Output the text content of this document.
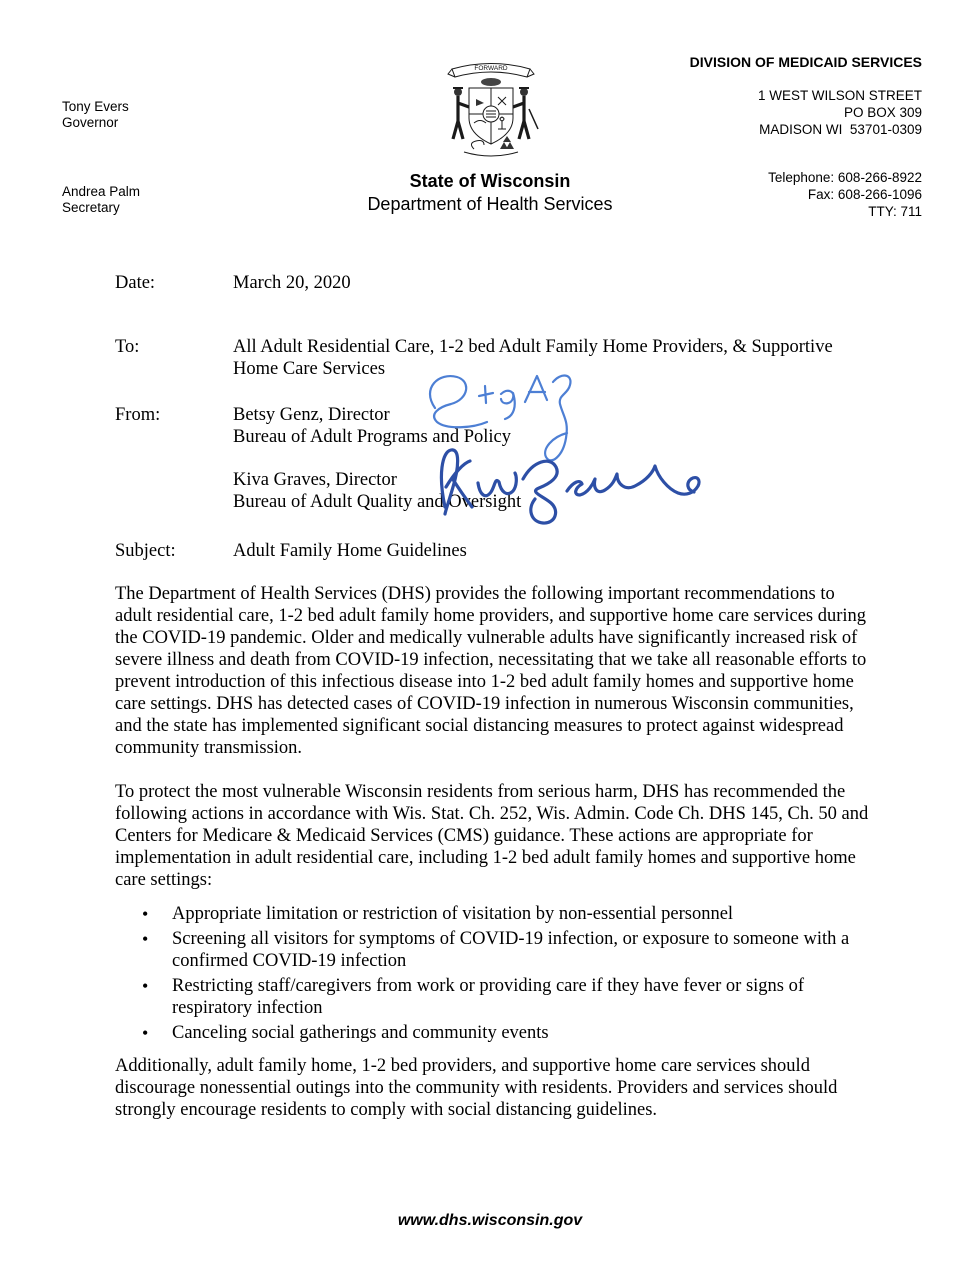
Tony Evers
Governor
Andrea Palm
Secretary
DIVISION OF MEDICAID SERVICES
1 WEST WILSON STREET
PO BOX 309
MADISON WI  53701-0309
Telephone: 608-266-8922
Fax: 608-266-1096
TTY: 711
FORWARD
State of Wisconsin
Department of Health Services
Date:	March 20, 2020
To:	All Adult Residential Care, 1-2 bed Adult Family Home Providers, & Supportive Home Care Services
From:	Betsy Genz, Director
Bureau of Adult Programs and Policy
Kiva Graves, Director
Bureau of Adult Quality and Oversight
Subject:	Adult Family Home Guidelines

The Department of Health Services (DHS) provides the following important recommendations to adult residential care, 1-2 bed adult family home providers, and supportive home care services during the COVID-19 pandemic. Older and medically vulnerable adults have significantly increased risk of severe illness and death from COVID-19 infection, necessitating that we take all reasonable efforts to prevent introduction of this infectious disease into 1-2 bed adult family homes and supportive home care settings. DHS has detected cases of COVID-19 infection in numerous Wisconsin communities, and the state has implemented significant social distancing measures to protect against widespread community transmission.

To protect the most vulnerable Wisconsin residents from serious harm, DHS has recommended the following actions in accordance with Wis. Stat. Ch. 252, Wis. Admin. Code Ch. DHS 145, Ch. 50 and Centers for Medicare & Medicaid Services (CMS) guidance. These actions are appropriate for implementation in adult residential care, including 1-2 bed adult family homes and supportive home care settings:

• Appropriate limitation or restriction of visitation by non-essential personnel
• Screening all visitors for symptoms of COVID-19 infection, or exposure to someone with a confirmed COVID-19 infection
• Restricting staff/caregivers from work or providing care if they have fever or signs of respiratory infection
• Canceling social gatherings and community events

Additionally, adult family home, 1-2 bed providers, and supportive home care services should discourage nonessential outings into the community with residents. Providers and services should strongly encourage residents to comply with social distancing guidelines.

www.dhs.wisconsin.gov
